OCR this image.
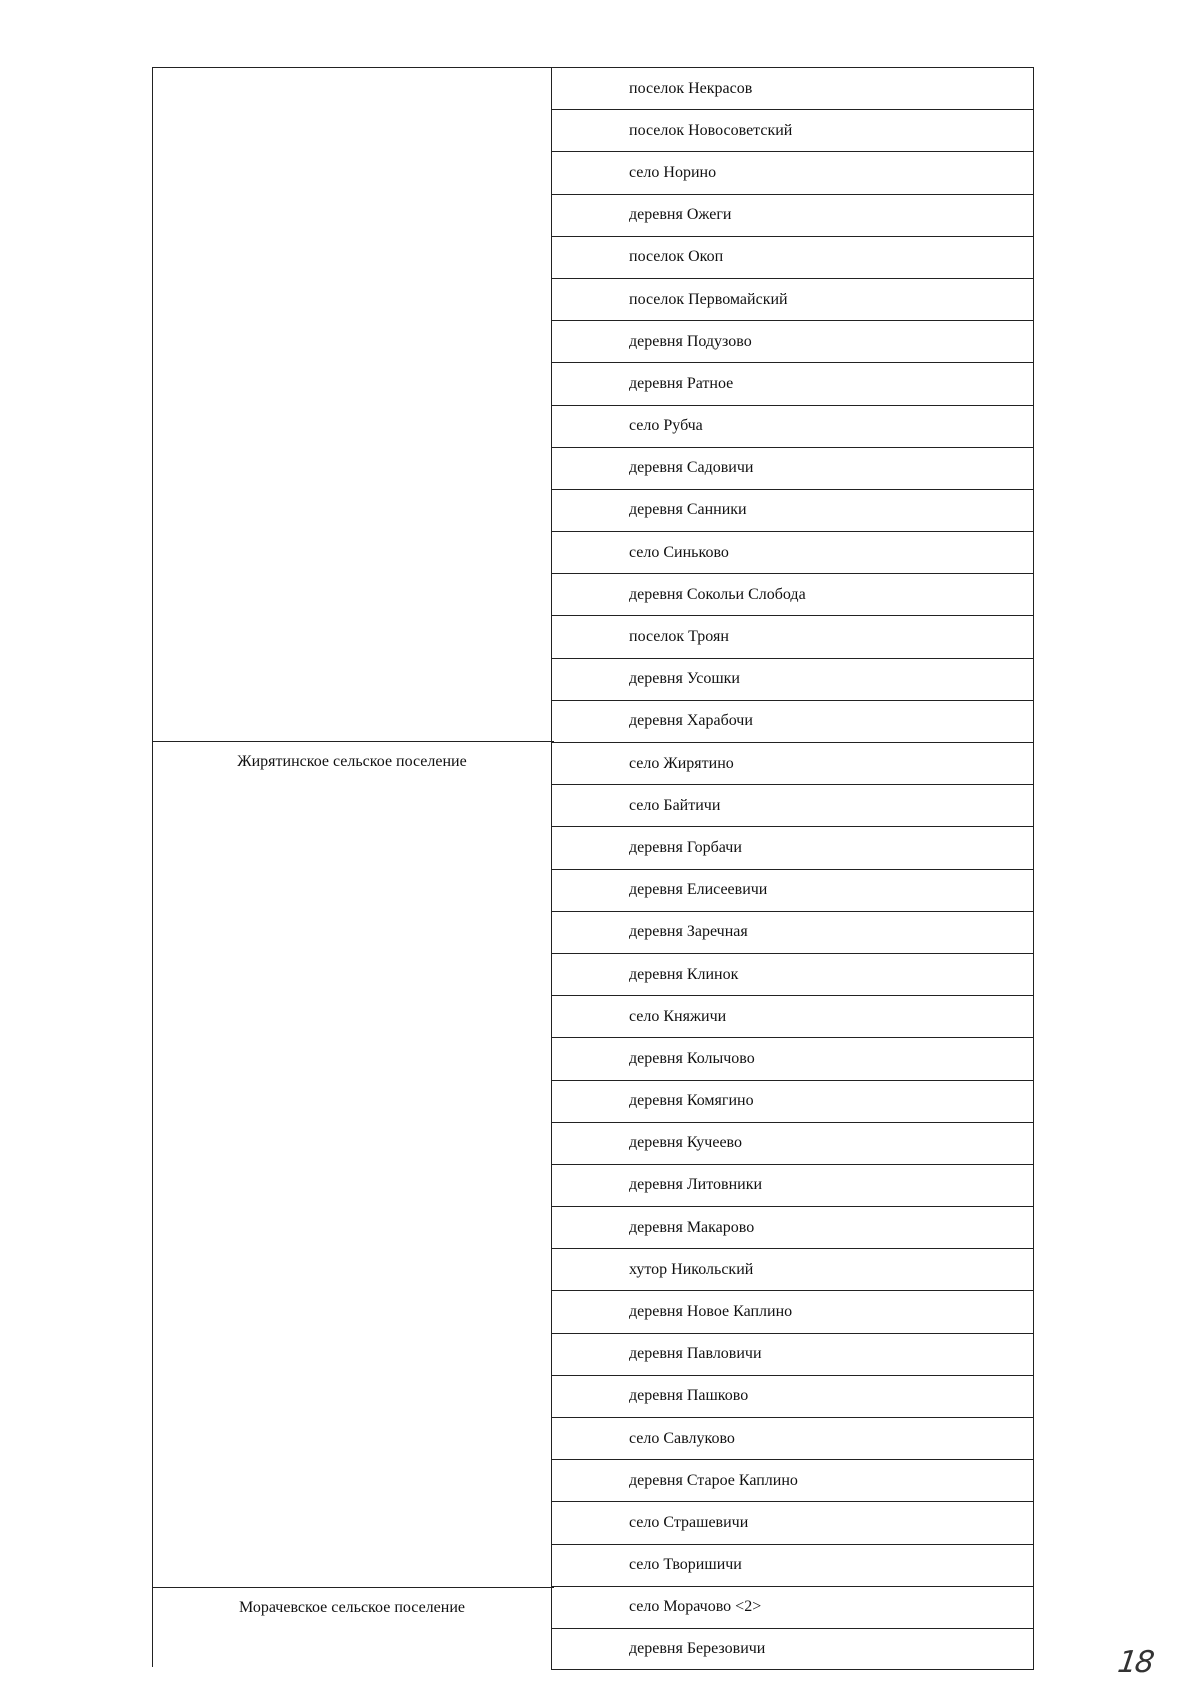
Жирятинское сельское поселение
Морачевское сельское поселение
поселок Некрасов
поселок Новосоветский
село Норино
деревня Ожеги
поселок Окоп
поселок Первомайский
деревня Подузово
деревня Ратное
село Рубча
деревня Садовичи
деревня Санники
село Синьково
деревня Сокольи Слобода
поселок Троян
деревня Усошки
деревня Харабочи
село Жирятино
село Байтичи
деревня Горбачи
деревня Елисеевичи
деревня Заречная
деревня Клинок
село Княжичи
деревня Колычово
деревня Комягино
деревня Кучеево
деревня Литовники
деревня Макарово
хутор Никольский
деревня Новое Каплино
деревня Павловичи
деревня Пашково
село Савлуково
деревня Старое Каплино
село Страшевичи
село Творишичи
село Морачово <2>
деревня Березовичи	18
